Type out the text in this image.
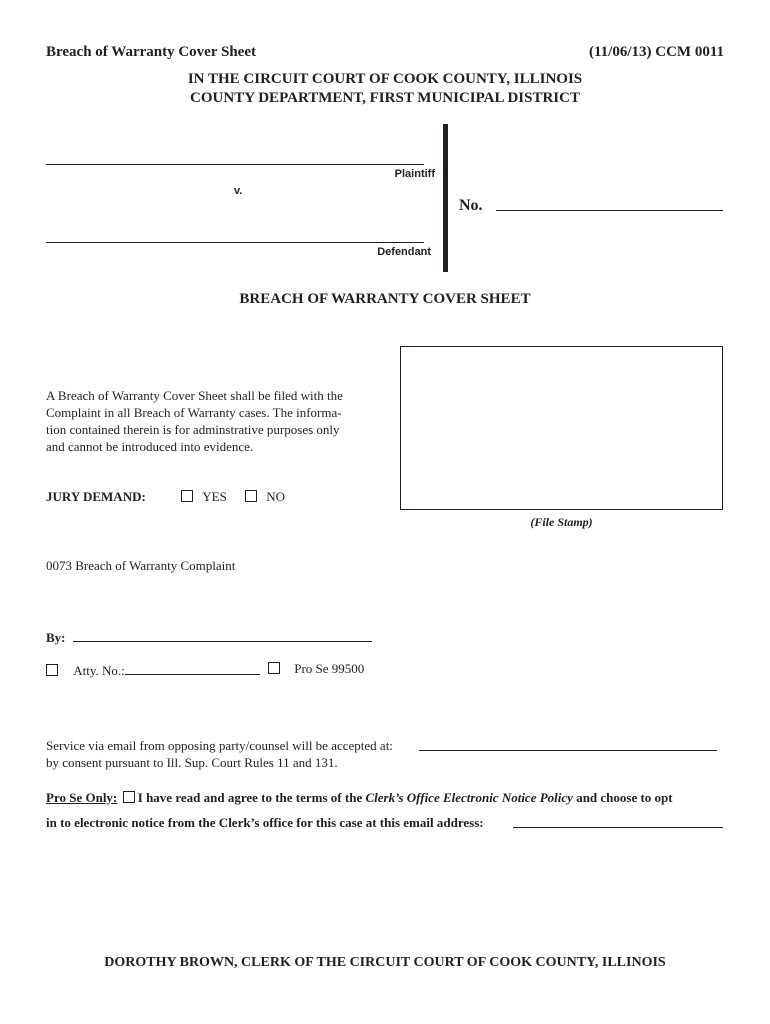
Breach of Warranty Cover Sheet	(11/06/13) CCM 0011
IN THE CIRCUIT COURT OF COOK COUNTY, ILLINOIS
COUNTY DEPARTMENT, FIRST MUNICIPAL DISTRICT
Plaintiff
v.
Defendant
No.
BREACH OF WARRANTY COVER SHEET
(File Stamp)
A Breach of Warranty Cover Sheet shall be filed with the
Complaint in all Breach of Warranty cases. The informa-
tion contained therein is for adminstrative purposes only
and cannot be introduced into evidence.
JURY DEMAND:	YES	NO
0073 Breach of Warranty Complaint
By:
Atty. No.:	Pro Se 99500
Service via email from opposing party/counsel will be accepted at:
by consent pursuant to Ill. Sup. Court Rules 11 and 131.
Pro Se Only: I have read and agree to the terms of the Clerk’s Office Electronic Notice Policy and choose to opt
in to electronic notice from the Clerk’s office for this case at this email address:
DOROTHY BROWN, CLERK OF THE CIRCUIT COURT OF COOK COUNTY, ILLINOIS
